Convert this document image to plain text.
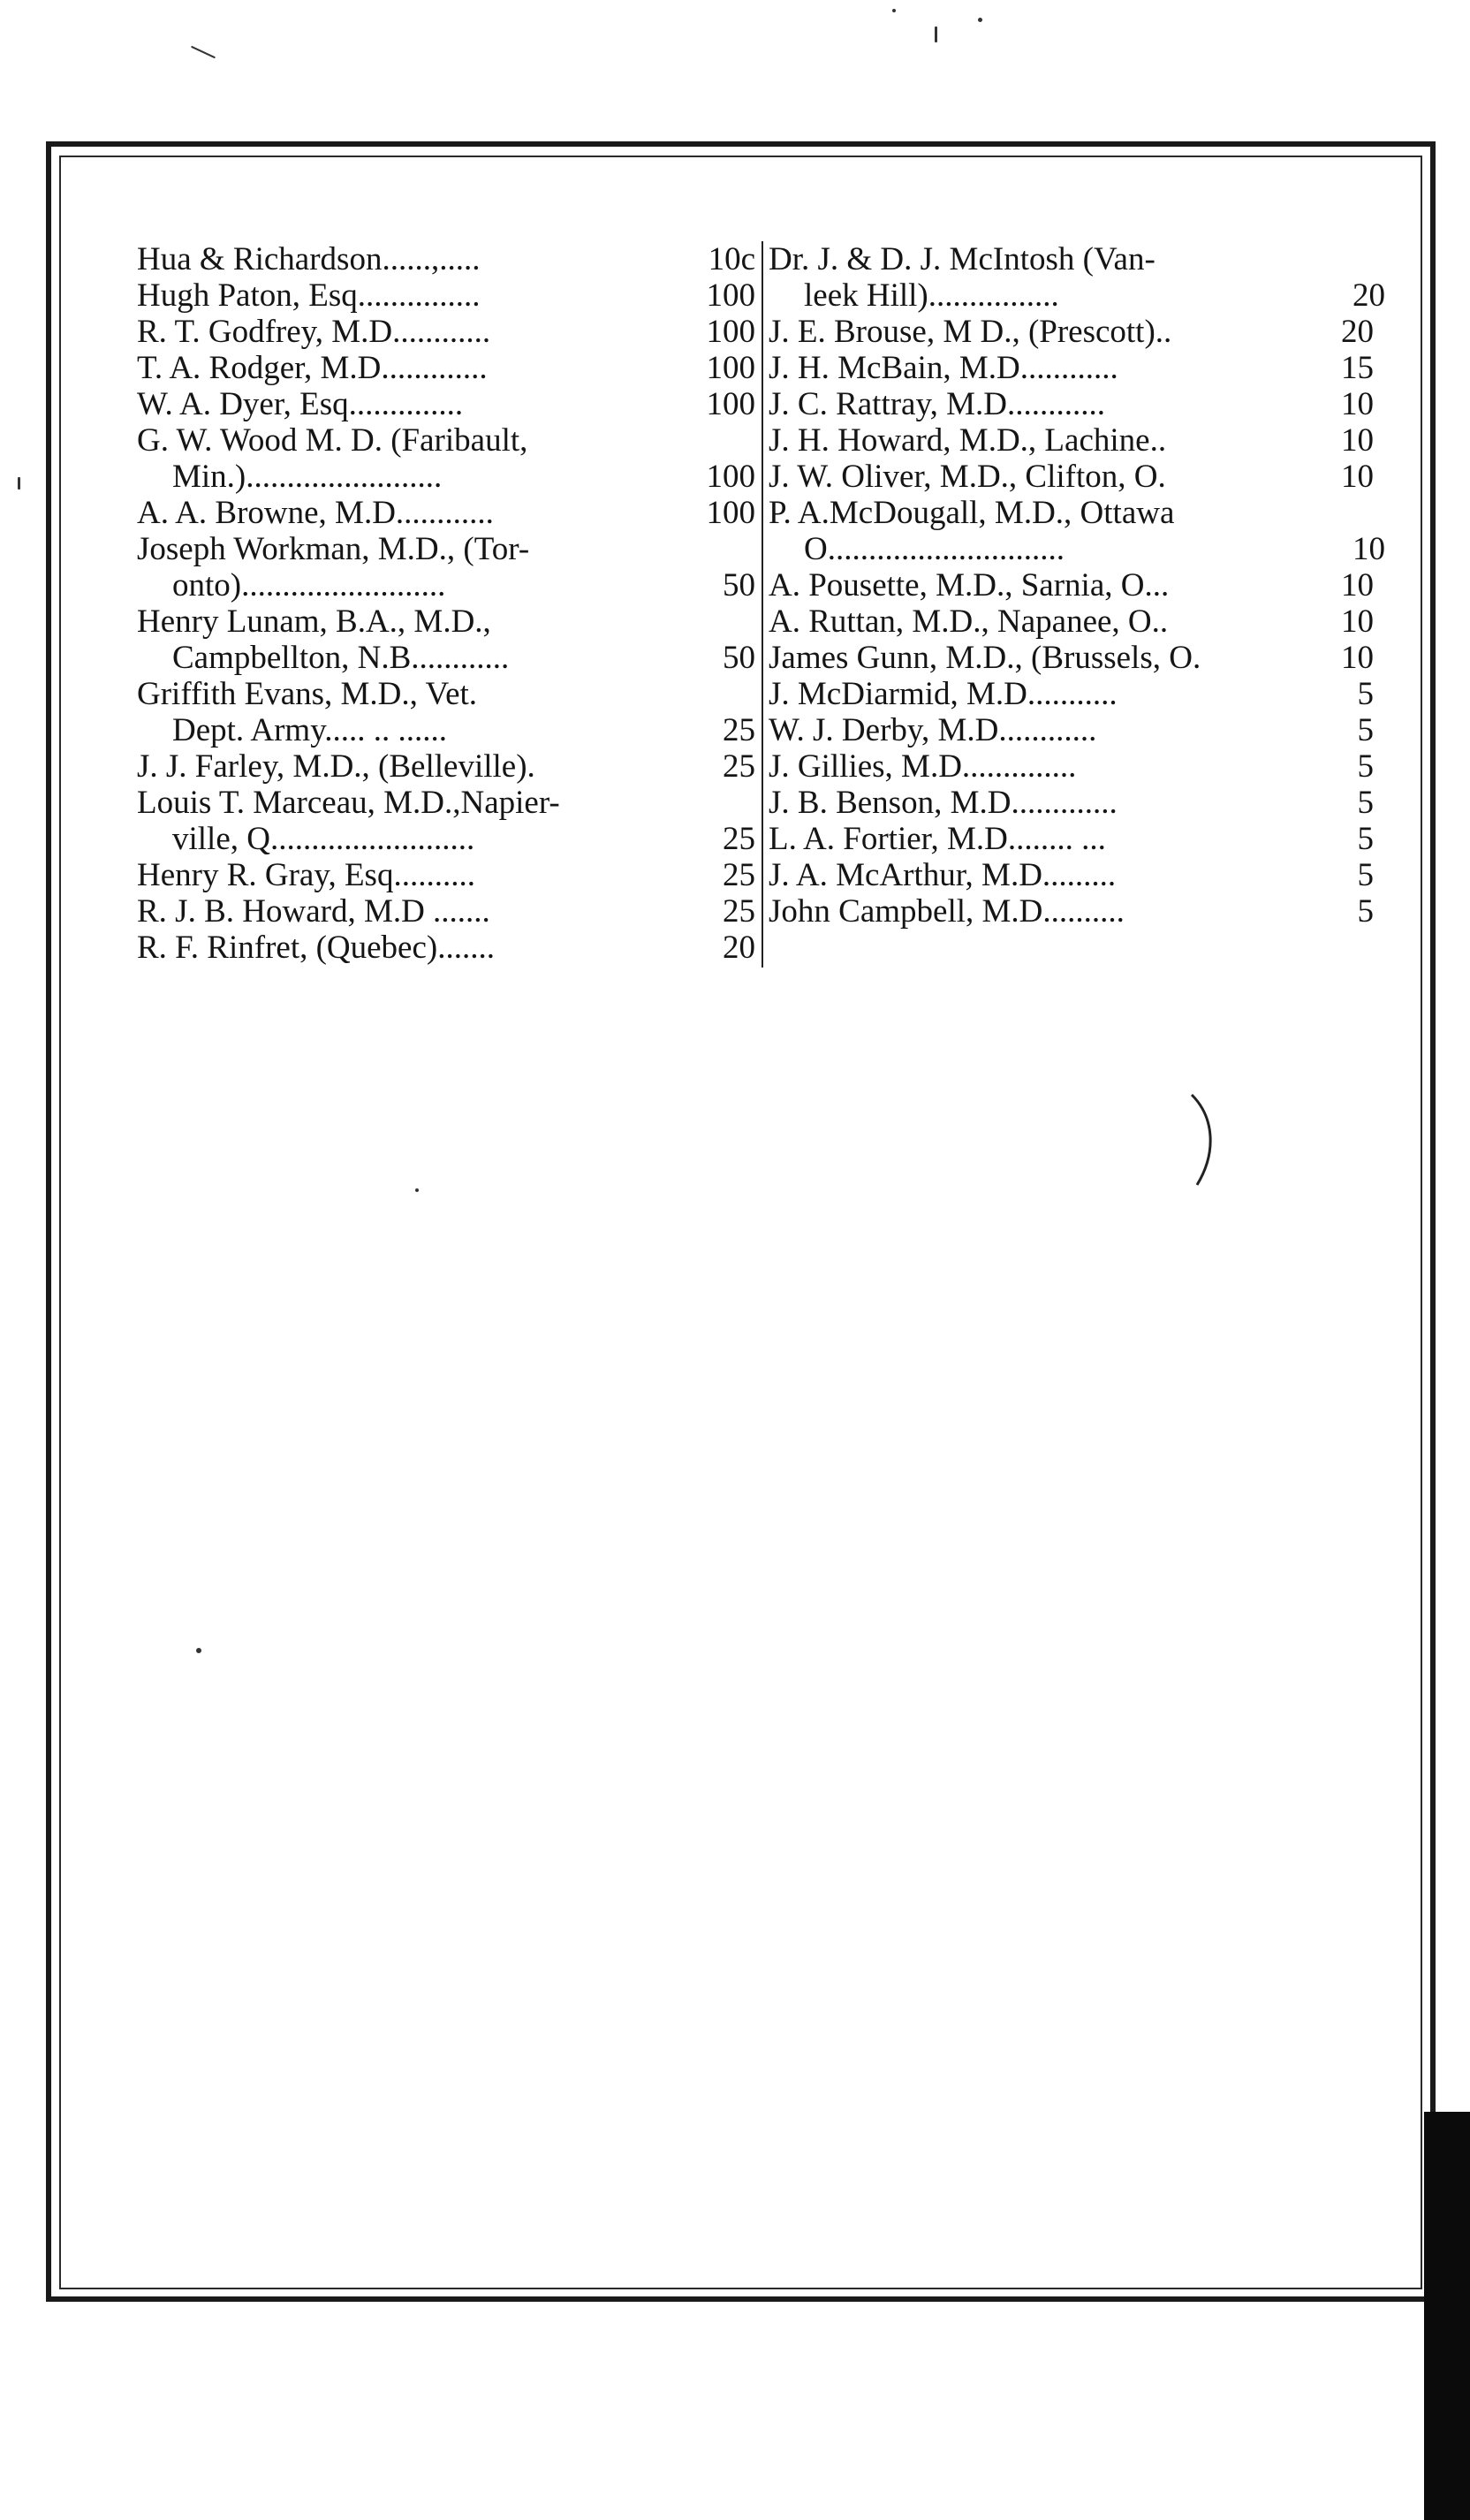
Hua & Richardson......,.....	10c
Hugh Paton, Esq...............	100
R. T. Godfrey, M.D............	100
T. A. Rodger, M.D.............	100
W. A. Dyer, Esq..............	100
G. W. Wood M. D. (Faribault,
Min.)........................	100
A. A. Browne, M.D............	100
Joseph Workman, M.D., (Tor-
onto).........................	50
Henry Lunam, B.A., M.D.,
Campbellton, N.B............	50
Griffith Evans, M.D., Vet.
Dept. Army..... .. ......	25
J. J. Farley, M.D., (Belleville).	25
Louis T. Marceau, M.D.,Napier-
ville, Q.........................	25
Henry R. Gray, Esq..........	25
R. J. B. Howard, M.D .......	25
R. F. Rinfret, (Quebec).......	20
Dr. J. & D. J. McIntosh (Van-
leek Hill)................	20
J. E. Brouse, M D., (Prescott)..	20
J. H. McBain, M.D............	15
J. C. Rattray, M.D............	10
J. H. Howard, M.D., Lachine..	10
J. W. Oliver, M.D., Clifton, O.	10
P. A.McDougall, M.D., Ottawa
O.............................	10
A. Pousette, M.D., Sarnia, O...	10
A. Ruttan, M.D., Napanee, O..	10
James Gunn, M.D., (Brussels, O.	10
J. McDiarmid, M.D...........	5
W. J. Derby, M.D............	5
J. Gillies, M.D..............	5
J. B. Benson, M.D.............	5
L. A. Fortier, M.D........ ...	5
J. A. McArthur, M.D.........	5
John Campbell, M.D..........	5
